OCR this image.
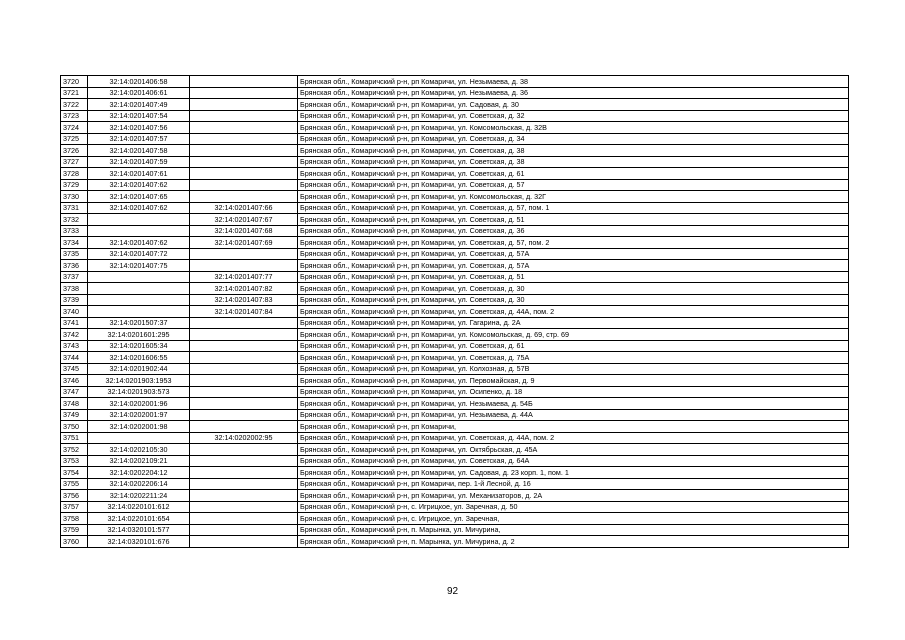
3720	32:14:0201406:58		Брянская обл., Комаричский р-н, рп Комаричи, ул. Незымаева, д. 38
3721	32:14:0201406:61		Брянская обл., Комаричский р-н, рп Комаричи, ул. Незымаева, д. 36
3722	32:14:0201407:49		Брянская обл., Комаричский р-н, рп Комаричи, ул. Садовая, д. 30
3723	32:14:0201407:54		Брянская обл., Комаричский р-н, рп Комаричи, ул. Советская, д. 32
3724	32:14:0201407:56		Брянская обл., Комаричский р-н, рп Комаричи, ул. Комсомольская, д. 32В
3725	32:14:0201407:57		Брянская обл., Комаричский р-н, рп Комаричи, ул. Советская, д. 34
3726	32:14:0201407:58		Брянская обл., Комаричский р-н, рп Комаричи, ул. Советская, д. 38
3727	32:14:0201407:59		Брянская обл., Комаричский р-н, рп Комаричи, ул. Советская, д. 38
3728	32:14:0201407:61		Брянская обл., Комаричский р-н, рп Комаричи, ул. Советская, д. 61
3729	32:14:0201407:62		Брянская обл., Комаричский р-н, рп Комаричи, ул. Советская, д. 57
3730	32:14:0201407:65		Брянская обл., Комаричский р-н, рп Комаричи, ул. Комсомольская, д. 32Г
3731	32:14:0201407:62	32:14:0201407:66	Брянская обл., Комаричский р-н, рп Комаричи, ул. Советская, д. 57, пом. 1
3732		32:14:0201407:67	Брянская обл., Комаричский р-н, рп Комаричи, ул. Советская, д. 51
3733		32:14:0201407:68	Брянская обл., Комаричский р-н, рп Комаричи, ул. Советская, д. 36
3734	32:14:0201407:62	32:14:0201407:69	Брянская обл., Комаричский р-н, рп Комаричи, ул. Советская, д. 57, пом. 2
3735	32:14:0201407:72		Брянская обл., Комаричский р-н, рп Комаричи, ул. Советская, д. 57А
3736	32:14:0201407:75		Брянская обл., Комаричский р-н, рп Комаричи, ул. Советская, д. 57А
3737		32:14:0201407:77	Брянская обл., Комаричский р-н, рп Комаричи, ул. Советская, д. 51
3738		32:14:0201407:82	Брянская обл., Комаричский р-н, рп Комаричи, ул. Советская, д. 30
3739		32:14:0201407:83	Брянская обл., Комаричский р-н, рп Комаричи, ул. Советская, д. 30
3740		32:14:0201407:84	Брянская обл., Комаричский р-н, рп Комаричи, ул. Советская, д. 44А, пом. 2
3741	32:14:0201507:37		Брянская обл., Комаричский р-н, рп Комаричи, ул. Гагарина, д. 2А
3742	32:14:0201601:295		Брянская обл., Комаричский р-н, рп Комаричи, ул. Комсомольская, д. 69, стр. 69
3743	32:14:0201605:34		Брянская обл., Комаричский р-н, рп Комаричи, ул. Советская, д. 61
3744	32:14:0201606:55		Брянская обл., Комаричский р-н, рп Комаричи, ул. Советская, д. 75А
3745	32:14:0201902:44		Брянская обл., Комаричский р-н, рп Комаричи, ул. Колхозная, д. 57В
3746	32:14:0201903:1953		Брянская обл., Комаричский р-н, рп Комаричи, ул. Первомайская, д. 9
3747	32:14:0201903:573		Брянская обл., Комаричский р-н, рп Комаричи, ул. Осипенко, д. 18
3748	32:14:0202001:96		Брянская обл., Комаричский р-н, рп Комаричи, ул. Незымаева, д. 54Б
3749	32:14:0202001:97		Брянская обл., Комаричский р-н, рп Комаричи, ул. Незымаева, д. 44А
3750	32:14:0202001:98		Брянская обл., Комаричский р-н, рп Комаричи,
3751		32:14:0202002:95	Брянская обл., Комаричский р-н, рп Комаричи, ул. Советская, д. 44А, пом. 2
3752	32:14:0202105:30		Брянская обл., Комаричский р-н, рп Комаричи, ул. Октябрьская, д. 45А
3753	32:14:0202109:21		Брянская обл., Комаричский р-н, рп Комаричи, ул. Советская, д. 64А
3754	32:14:0202204:12		Брянская обл., Комаричский р-н, рп Комаричи, ул. Садовая, д. 23 корп. 1, пом. 1
3755	32:14:0202206:14		Брянская обл., Комаричский р-н, рп Комаричи, пер. 1-й Лесной, д. 16
3756	32:14:0202211:24		Брянская обл., Комаричский р-н, рп Комаричи, ул. Механизаторов, д. 2А
3757	32:14:0220101:612		Брянская обл., Комаричский р-н, с. Игрицкое, ул. Заречная, д. 50
3758	32:14:0220101:654		Брянская обл., Комаричский р-н, с. Игрицкое, ул. Заречная,
3759	32:14:0320101:577		Брянская обл., Комаричский р-н, п. Марынка, ул. Мичурина,
3760	32:14:0320101:676		Брянская обл., Комаричский р-н, п. Марынка, ул. Мичурина, д. 2
92
